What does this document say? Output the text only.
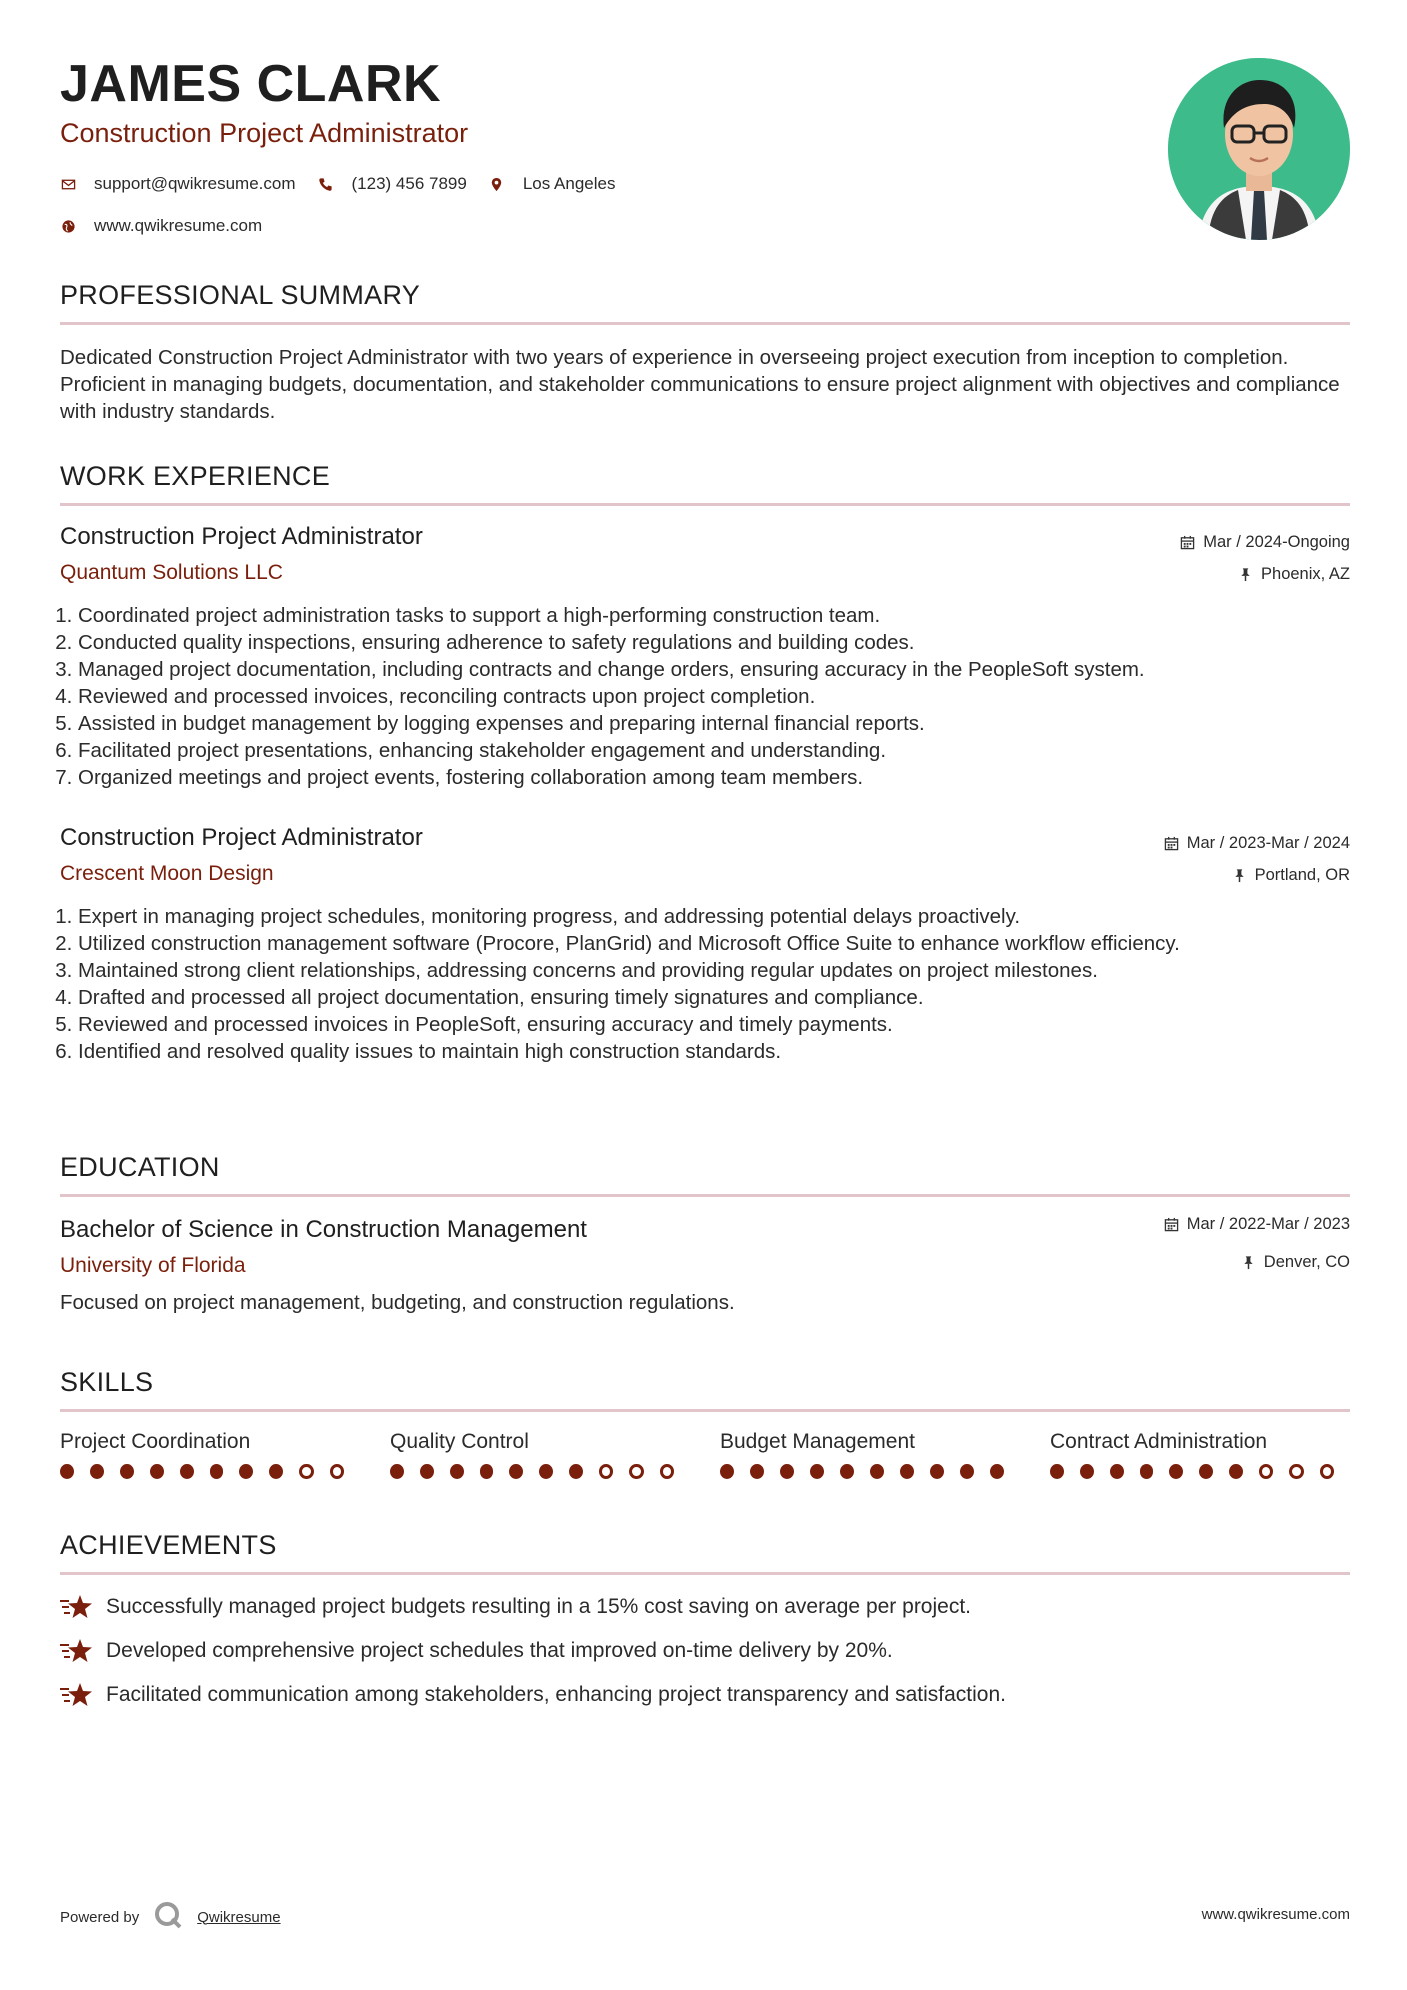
JAMES CLARK
Construction Project Administrator
support@qwikresume.com	(123) 456 7899	Los Angeles
www.qwikresume.com
PROFESSIONAL SUMMARY
Dedicated Construction Project Administrator with two years of experience in overseeing project execution from inception to completion. Proficient in managing budgets, documentation, and stakeholder communications to ensure project alignment with objectives and compliance with industry standards.
WORK EXPERIENCE
Construction Project Administrator
Quantum Solutions LLC
Mar / 2024-Ongoing
Phoenix, AZ
1. Coordinated project administration tasks to support a high-performing construction team.
2. Conducted quality inspections, ensuring adherence to safety regulations and building codes.
3. Managed project documentation, including contracts and change orders, ensuring accuracy in the PeopleSoft system.
4. Reviewed and processed invoices, reconciling contracts upon project completion.
5. Assisted in budget management by logging expenses and preparing internal financial reports.
6. Facilitated project presentations, enhancing stakeholder engagement and understanding.
7. Organized meetings and project events, fostering collaboration among team members.
Construction Project Administrator
Crescent Moon Design
Mar / 2023-Mar / 2024
Portland, OR
1. Expert in managing project schedules, monitoring progress, and addressing potential delays proactively.
2. Utilized construction management software (Procore, PlanGrid) and Microsoft Office Suite to enhance workflow efficiency.
3. Maintained strong client relationships, addressing concerns and providing regular updates on project milestones.
4. Drafted and processed all project documentation, ensuring timely signatures and compliance.
5. Reviewed and processed invoices in PeopleSoft, ensuring accuracy and timely payments.
6. Identified and resolved quality issues to maintain high construction standards.
EDUCATION
Bachelor of Science in Construction Management
University of Florida
Mar / 2022-Mar / 2023
Denver, CO
Focused on project management, budgeting, and construction regulations.
SKILLS
Project Coordination	Quality Control	Budget Management	Contract Administration
ACHIEVEMENTS
Successfully managed project budgets resulting in a 15% cost saving on average per project.
Developed comprehensive project schedules that improved on-time delivery by 20%.
Facilitated communication among stakeholders, enhancing project transparency and satisfaction.
Powered by	Qwikresume	www.qwikresume.com
